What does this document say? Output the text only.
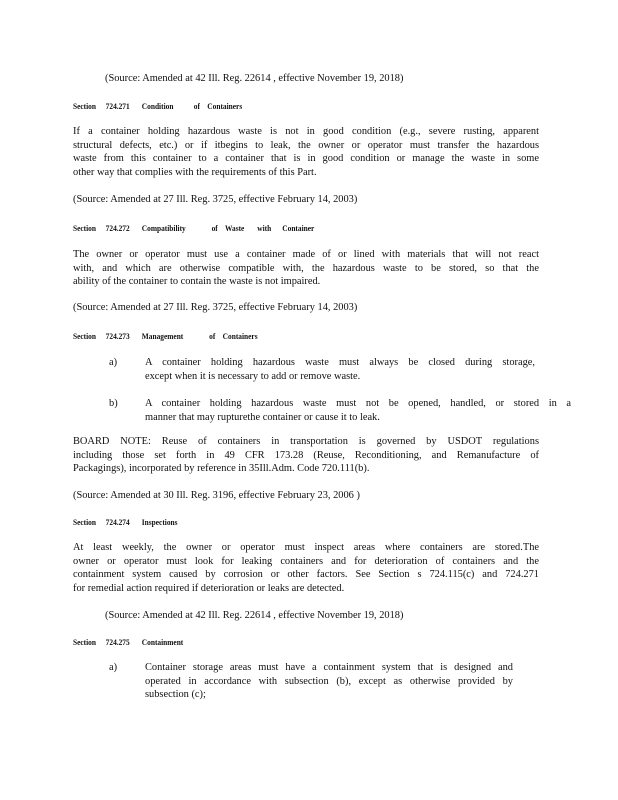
(Source: Amended at 42 Ill. Reg. 22614 , effective November 19, 2018)
Section 724.271 Condition           of    Containers
If a container holding hazardous waste is not in good condition (e.g., severe rusting, apparent
structural defects, etc.) or if itbegins to leak, the owner or operator must transfer the hazardous
waste from this container to a container that is in good condition or manage the waste in some
other way that complies with the requirements of this Part.
(Source: Amended at 27 Ill. Reg. 3725, effective February 14, 2003)
Section 724.272 Compatibility              of    Waste       with      Container
The owner or operator must use a container made of or lined with materials that will not react
with, and which are otherwise compatible with, the hazardous waste to be stored, so that the
ability of the container to contain the waste is not impaired.
(Source: Amended at 27 Ill. Reg. 3725, effective February 14, 2003)
Section 724.273 Management              of    Containers
a)	A container holding hazardous waste must always be closed during storage,
except when it is necessary to add or remove waste.
b)	A container holding hazardous waste must not be opened, handled, or stored in a
manner that may rupturethe container or cause it to leak.
BOARD NOTE: Reuse of containers in transportation is governed by USDOT regulations
including those set forth in 49 CFR 173.28 (Reuse, Reconditioning, and Remanufacture of
Packagings), incorporated by reference in 35Ill.Adm. Code 720.111(b).
(Source: Amended at 30 Ill. Reg. 3196, effective February 23, 2006 )
Section 724.274 Inspections
At least weekly, the owner or operator must inspect areas where containers are stored.The
owner or operator must look for leaking containers and for deterioration of containers and the
containment system caused by corrosion or other factors. See Section s 724.115(c) and 724.271
for remedial action required if deterioration or leaks are detected.
(Source: Amended at 42 Ill. Reg. 22614 , effective November 19, 2018)
Section 724.275 Containment
a)	Container storage areas must have a containment system that is designed and
operated in accordance with subsection (b), except as otherwise provided by
subsection (c);
